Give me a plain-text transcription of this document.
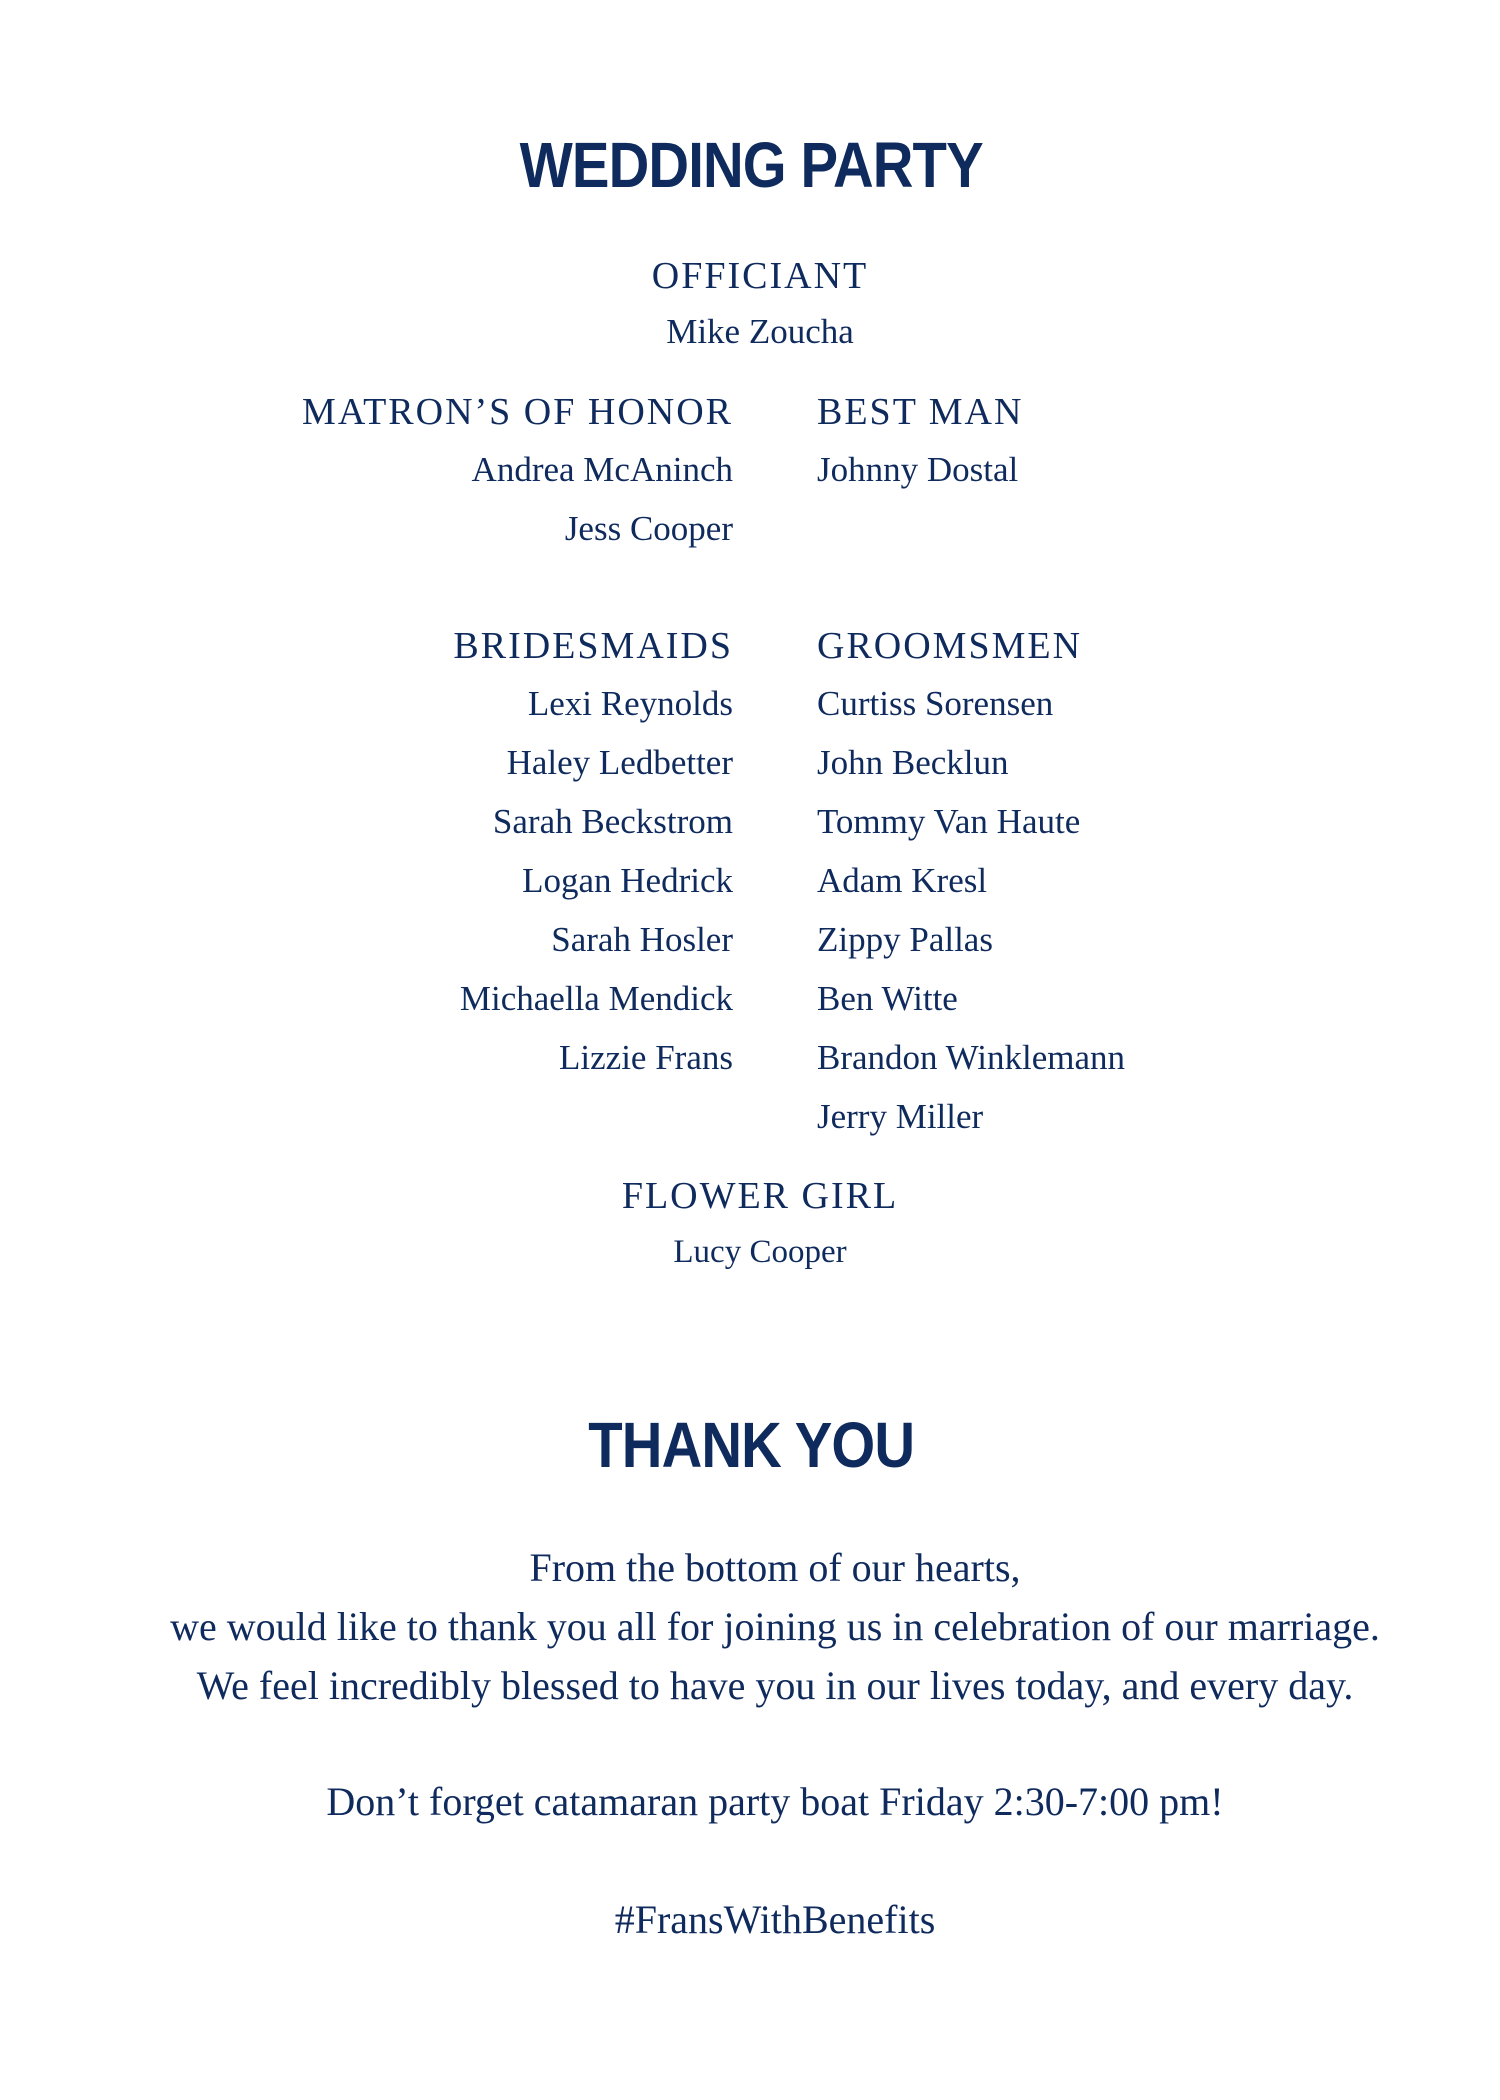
WEDDING PARTY

OFFICIANT

Mike Zoucha

MATRON’S OF HONOR

Andrea McAninch
Jess Cooper

BEST MAN

Johnny Dostal

BRIDESMAIDS

Lexi Reynolds
Haley Ledbetter
Sarah Beckstrom
Logan Hedrick
Sarah Hosler
Michaella Mendick
Lizzie Frans

GROOMSMEN

Curtiss Sorensen
John Becklun
Tommy Van Haute
Adam Kresl
Zippy Pallas
Ben Witte
Brandon Winklemann
Jerry Miller

FLOWER GIRL

Lucy Cooper

THANK YOU

From the bottom of our hearts,

we would like to thank you all for joining us in celebration of our marriage.

We feel incredibly blessed to have you in our lives today, and every day.

Don’t forget catamaran party boat Friday 2:30-7:00 pm!

#FransWithBenefits
